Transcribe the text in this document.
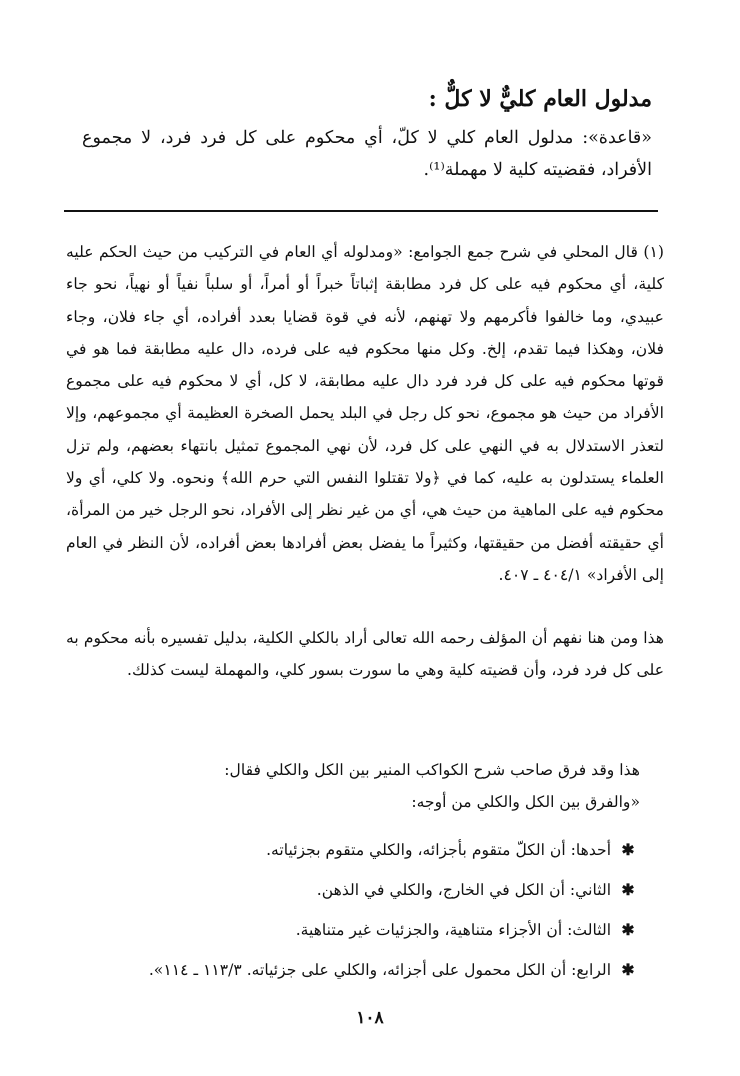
مدلول العام كليٌّ لا كلٌّ :
«قاعدة»: مدلول العام كلي لا كلّ، أي محكوم على كل فرد فرد، لا مجموع الأفراد، فقضيته كلية لا مهملة⁽¹⁾.
(١) قال المحلي في شرح جمع الجوامع: «ومدلوله أي العام في التركيب من حيث الحكم عليه كلية، أي محكوم فيه على كل فرد مطابقة إثباتاً خبراً أو أمراً، أو سلباً نفياً أو نهياً، نحو جاء عبيدي، وما خالفوا فأكرمهم ولا تهنهم، لأنه في قوة قضايا بعدد أفراده، أي جاء فلان، وجاء فلان، وهكذا فيما تقدم، إلخ. وكل منها محكوم فيه على فرده، دال عليه مطابقة فما هو في قوتها محكوم فيه على كل فرد فرد دال عليه مطابقة، لا كل، أي لا محكوم فيه على مجموع الأفراد من حيث هو مجموع، نحو كل رجل في البلد يحمل الصخرة العظيمة أي مجموعهم، وإلا لتعذر الاستدلال به في النهي على كل فرد، لأن نهي المجموع تمثيل بانتهاء بعضهم، ولم تزل العلماء يستدلون به عليه، كما في ﴿ولا تقتلوا النفس التي حرم الله﴾ ونحوه. ولا كلي، أي ولا محكوم فيه على الماهية من حيث هي، أي من غير نظر إلى الأفراد، نحو الرجل خير من المرأة، أي حقيقته أفضل من حقيقتها، وكثيراً ما يفضل بعض أفرادها بعض أفراده، لأن النظر في العام إلى الأفراد» ٤٠٤/١ ـ ٤٠٧.
هذا ومن هنا نفهم أن المؤلف رحمه الله تعالى أراد بالكلي الكلية، بدليل تفسيره بأنه محكوم به على كل فرد فرد، وأن قضيته كلية وهي ما سورت بسور كلي، والمهملة ليست كذلك.
هذا وقد فرق صاحب شرح الكواكب المنير بين الكل والكلي فقال:
«والفرق بين الكل والكلي من أوجه:
✱ أحدها: أن الكلّ متقوم بأجزائه، والكلي متقوم بجزئياته.
✱ الثاني: أن الكل في الخارج، والكلي في الذهن.
✱ الثالث: أن الأجزاء متناهية، والجزئيات غير متناهية.
✱ الرابع: أن الكل محمول على أجزائه، والكلي على جزئياته. ١١٣/٣ ـ ١١٤».
١٠٨
